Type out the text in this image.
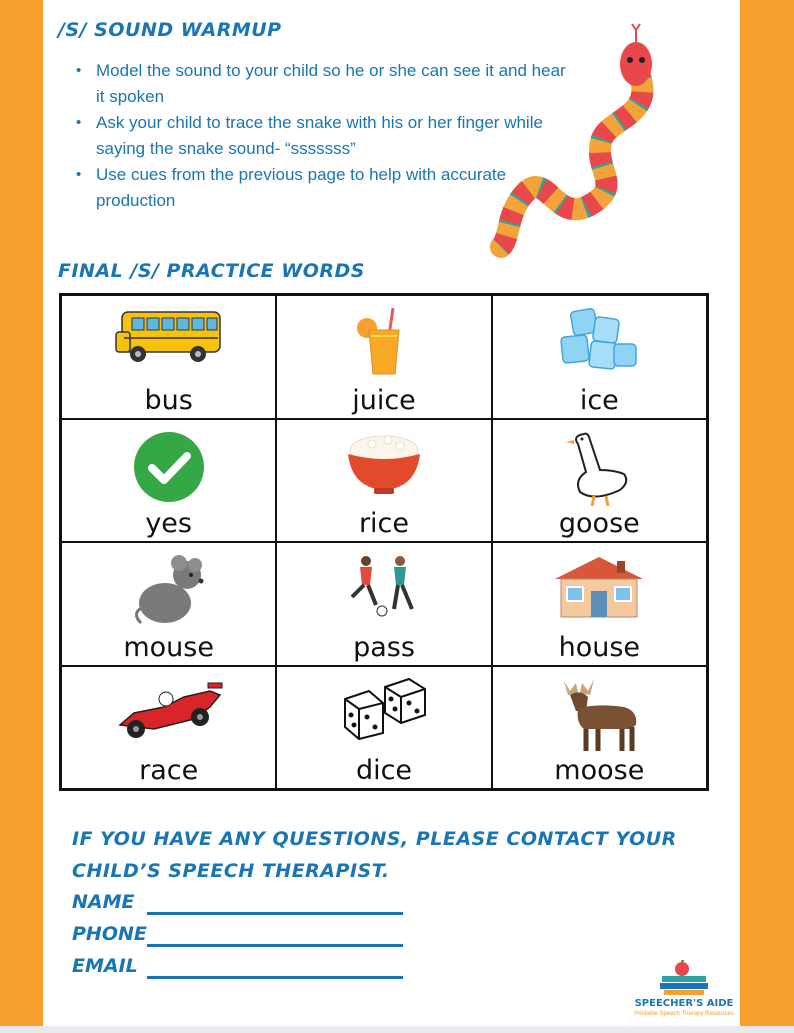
/S/ SOUND WARMUP
• Model the sound to your child so he or she can see it and hear it spoken
• Ask your child to trace the snake with his or her finger while saying the snake sound- “sssssss”
• Use cues from the previous page to help with accurate production
FINAL /S/ PRACTICE WORDS
bus	juice	ice
yes	rice	goose
mouse	pass	house
race	dice	moose
IF YOU HAVE ANY QUESTIONS, PLEASE CONTACT YOUR
CHILD’S SPEECH THERAPIST.
NAME
PHONE
EMAIL
SPEECHER'S AIDE
Printable Speech Therapy Resources
